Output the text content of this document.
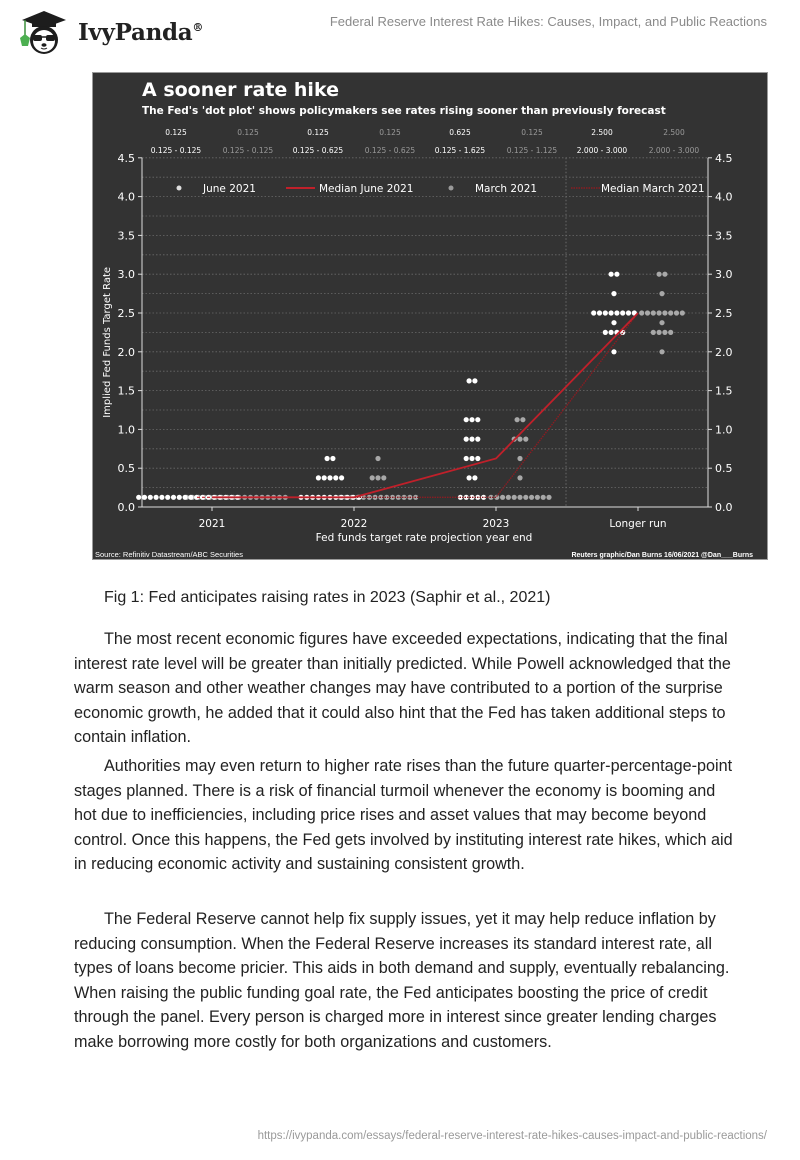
IvyPanda®	Federal Reserve Interest Rate Hikes: Causes, Impact, and Public Reactions
A sooner rate hike
The Fed's 'dot plot' shows policymakers see rates rising sooner than previously forecast
0.125
0.125 - 0.125
0.125
0.125 - 0.125
0.125
0.125 - 0.625
0.125
0.125 - 0.625
0.625
0.125 - 1.625
0.125
0.125 - 1.125
2.500
2.000 - 3.000
2.500
2.000 - 3.000
0.0	0.0
0.5	0.5
1.0	1.0
1.5	1.5
2.0	2.0
2.5	2.5
3.0	3.0
3.5	3.5
4.0	4.0
4.5	4.5
2021	2022	2023	Longer run
Fed funds target rate projection year end
Implied Fed Funds Target Rate
June 2021	Median June 2021	March 2021	Median March 2021
Source: Refinitiv Datastream/ABC Securities	Reuters graphic/Dan Burns 16/06/2021 @Dan___Burns
Fig 1: Fed anticipates raising rates in 2023 (Saphir et al., 2021)

The most recent economic figures have exceeded expectations, indicating that the final interest rate level will be greater than initially predicted. While Powell acknowledged that the warm season and other weather changes may have contributed to a portion of the surprise economic growth, he added that it could also hint that the Fed has taken additional steps to contain inflation.

Authorities may even return to higher rate rises than the future quarter-percentage-point stages planned. There is a risk of financial turmoil whenever the economy is booming and hot due to inefficiencies, including price rises and asset values that may become beyond control. Once this happens, the Fed gets involved by instituting interest rate hikes, which aid in reducing economic activity and sustaining consistent growth.

The Federal Reserve cannot help fix supply issues, yet it may help reduce inflation by reducing consumption. When the Federal Reserve increases its standard interest rate, all types of loans become pricier. This aids in both demand and supply, eventually rebalancing. When raising the public funding goal rate, the Fed anticipates boosting the price of credit through the panel. Every person is charged more in interest since greater lending charges make borrowing more costly for both organizations and customers.

https://ivypanda.com/essays/federal-reserve-interest-rate-hikes-causes-impact-and-public-reactions/
